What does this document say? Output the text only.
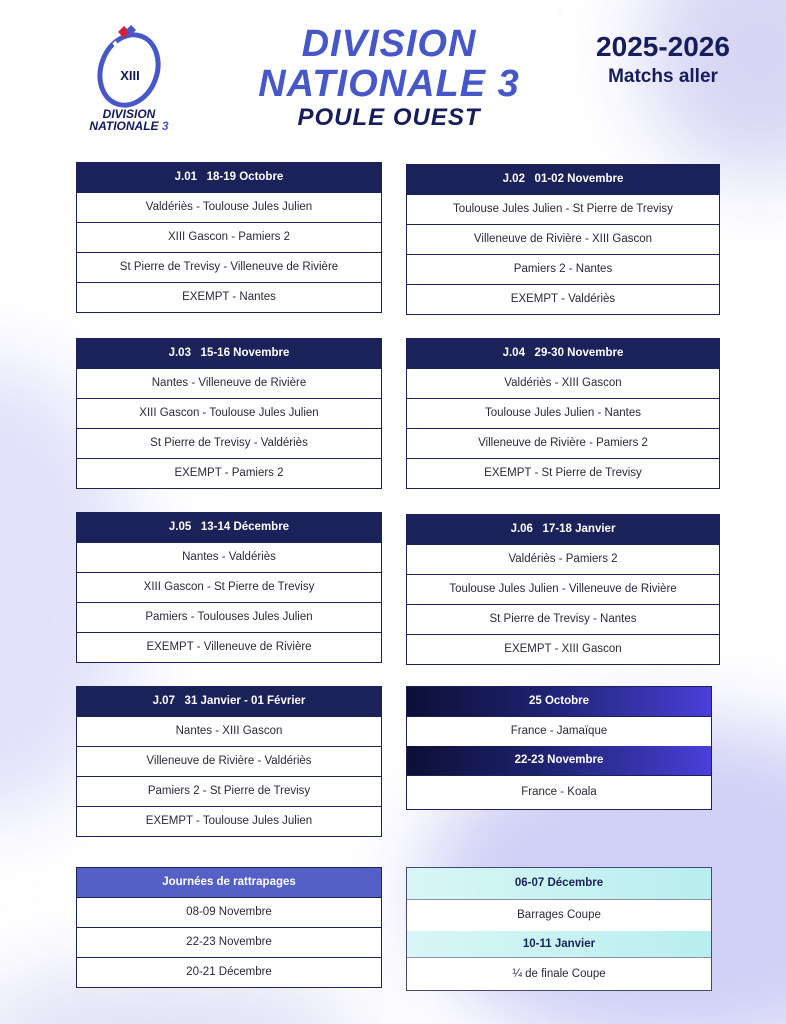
XIII
DIVISION
NATIONALE 3
DIVISION
NATIONALE 3
POULE OUEST
2025-2026
Matchs aller
J.01   18-19 Octobre
Valdériès - Toulouse Jules Julien
XIII Gascon - Pamiers 2
St Pierre de Trevisy - Villeneuve de Rivière
EXEMPT - Nantes
J.02   01-02 Novembre
Toulouse Jules Julien - St Pierre de Trevisy
Villeneuve de Rivière - XIII Gascon
Pamiers 2 - Nantes
EXEMPT - Valdériès
J.03   15-16 Novembre
Nantes - Villeneuve de Rivière
XIII Gascon - Toulouse Jules Julien
St Pierre de Trevisy - Valdériès
EXEMPT - Pamiers 2
J.04   29-30 Novembre
Valdériès - XIII Gascon
Toulouse Jules Julien - Nantes
Villeneuve de Rivière - Pamiers 2
EXEMPT - St Pierre de Trevisy
J.05   13-14 Décembre
Nantes - Valdériès
XIII Gascon - St Pierre de Trevisy
Pamiers - Toulouses Jules Julien
EXEMPT - Villeneuve de Rivière
J.06   17-18 Janvier
Valdériès - Pamiers 2
Toulouse Jules Julien - Villeneuve de Rivière
St Pierre de Trevisy - Nantes
EXEMPT - XIII Gascon
J.07   31 Janvier - 01 Février
Nantes - XIII Gascon
Villeneuve de Rivière - Valdériès
Pamiers 2 - St Pierre de Trevisy
EXEMPT - Toulouse Jules Julien
25 Octobre
France - Jamaïque
22-23 Novembre
France - Koala
Journées de rattrapages
08-09 Novembre
22-23 Novembre
20-21 Décembre
06-07 Décembre
Barrages Coupe
10-11 Janvier
¼ de finale Coupe
